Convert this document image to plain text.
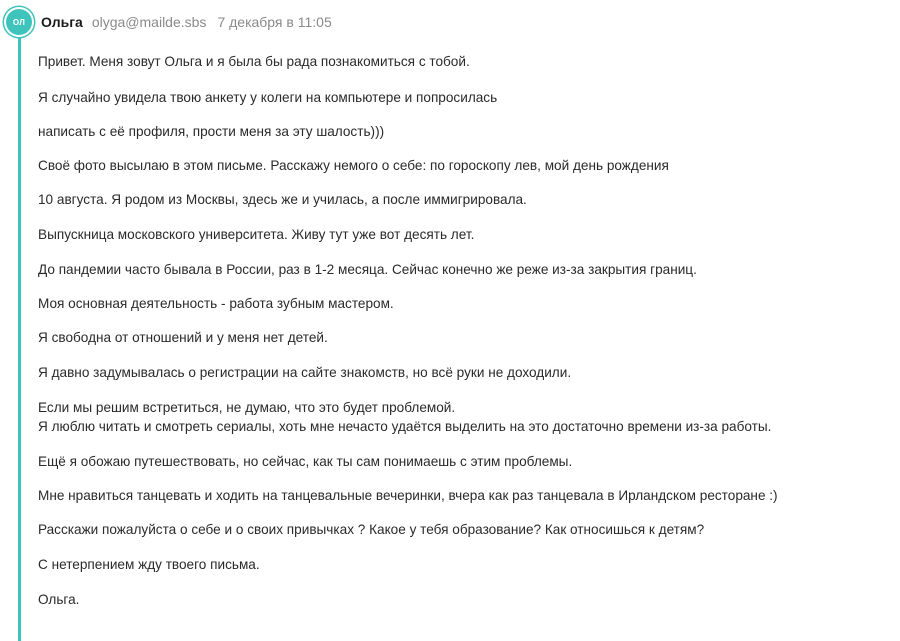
ОЛ	Ольга olyga@mailde.sbs 7 декабря в 11:05
Привет. Меня зовут Ольга и я была бы рада познакомиться с тобой.
Я случайно увидела твою анкету у колеги на компьютере и попросилась
написать с её профиля, прости меня за эту шалость)))
Своё фото высылаю в этом письме. Расскажу немого о себе: по гороскопу лев, мой день рождения
10 августа. Я родом из Москвы, здесь же и училась, а после иммигрировала.
Выпускница московского университета. Живу тут уже вот десять лет.
До пандемии часто бывала в России, раз в 1-2 месяца. Сейчас конечно же реже из-за закрытия границ.
Моя основная деятельность - работа зубным мастером.
Я свободна от отношений и у меня нет детей.
Я давно задумывалась о регистрации на сайте знакомств, но всё руки не доходили.
Если мы решим встретиться, не думаю, что это будет проблемой.
Я люблю читать и смотреть сериалы, хоть мне нечасто удаётся выделить на это достаточно времени из-за работы.
Ещё я обожаю путешествовать, но сейчас, как ты сам понимаешь с этим проблемы.
Мне нравиться танцевать и ходить на танцевальные вечеринки, вчера как раз танцевала в Ирландском ресторане :)
Расскажи пожалуйста о себе и о своих привычках ? Какое у тебя образование? Как относишься к детям?
С нетерпением жду твоего письма.
Ольга.
